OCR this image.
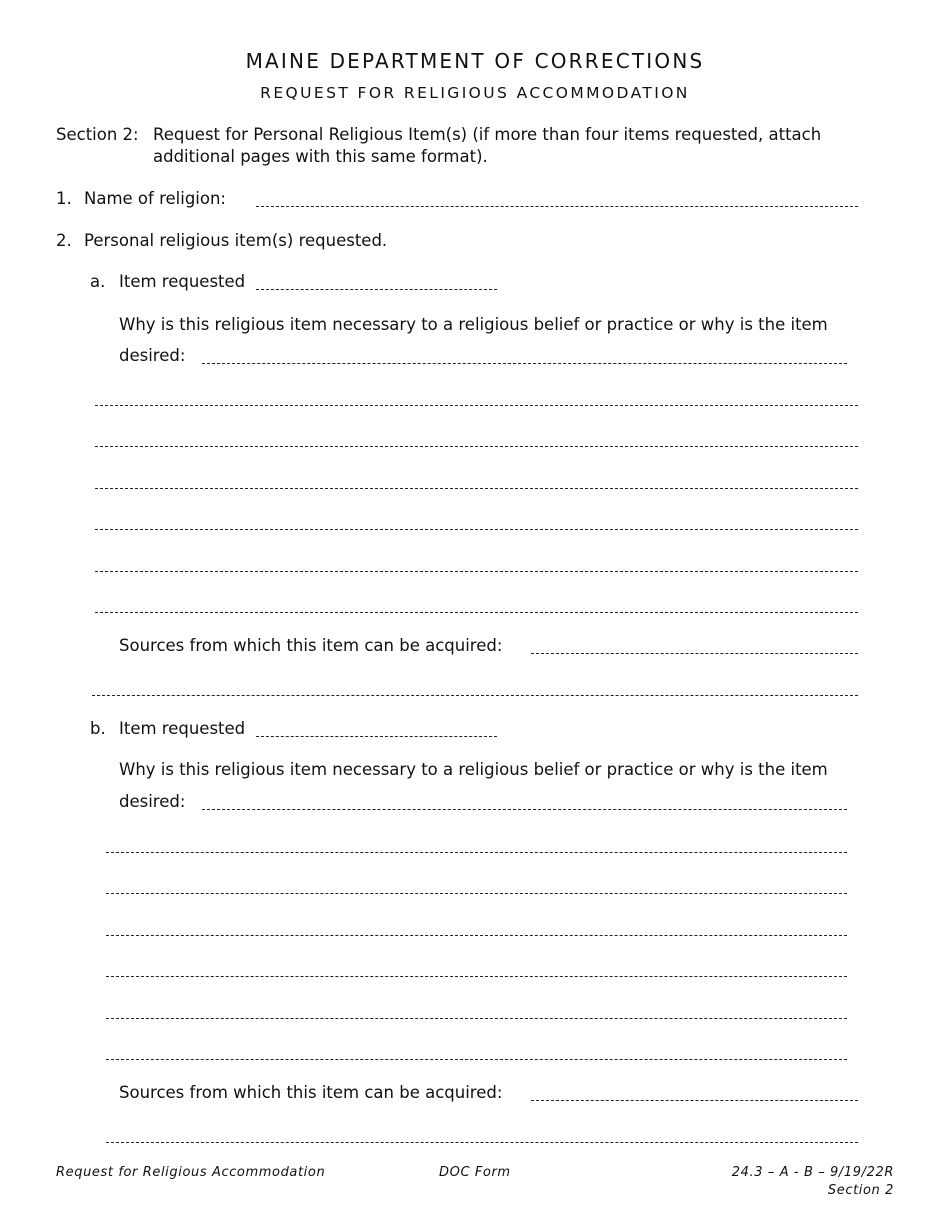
MAINE DEPARTMENT OF CORRECTIONS
REQUEST FOR RELIGIOUS ACCOMMODATION
Section 2: Request for Personal Religious Item(s) (if more than four items requested, attach
additional pages with this same format).
1. Name of religion:
2. Personal religious item(s) requested.
a. Item requested
Why is this religious item necessary to a religious belief or practice or why is the item
desired:
Sources from which this item can be acquired:
b. Item requested
Why is this religious item necessary to a religious belief or practice or why is the item
desired:
Sources from which this item can be acquired:
Request for Religious Accommodation	DOC Form	24.3 – A - B – 9/19/22R
Section 2
